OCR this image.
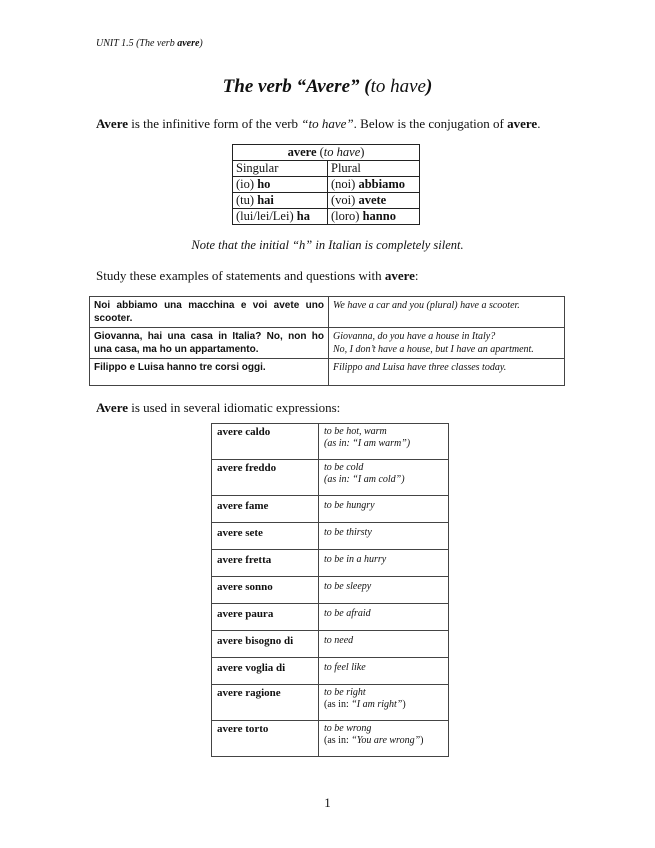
UNIT 1.5 (The verb avere)
The verb “Avere” (to have)
Avere is the infinitive form of the verb “to have”. Below is the conjugation of avere.
avere (to have)	
Singular	Plural
(io) ho	(noi) abbiamo
(tu) hai	(voi) avete
(lui/lei/Lei) ha	(loro) hanno
Note that the initial “h” in Italian is completely silent.
Study these examples of statements and questions with avere:
Noi abbiamo una macchina e voi avete uno scooter.	We have a car and you (plural) have a scooter.

Giovanna, hai una casa in Italia? No, non ho una casa, ma ho un appartamento.	Giovanna, do you have a house in Italy?
No, I don’t have a house, but I have an apartment.

Filippo e Luisa hanno tre corsi oggi.	Filippo and Luisa have three classes today.
Avere is used in several idiomatic expressions:
avere caldo	to be hot, warm
(as in: “I am warm”)

avere freddo	to be cold
(as in: “I am cold”)

avere fame	to be hungry
avere sete	to be thirsty
avere fretta	to be in a hurry
avere sonno	to be sleepy
avere paura	to be afraid
avere bisogno di	to need
avere voglia di	to feel like
avere ragione	to be right
(as in: “I am right”)

avere torto	to be wrong
(as in: “You are wrong”)
1
